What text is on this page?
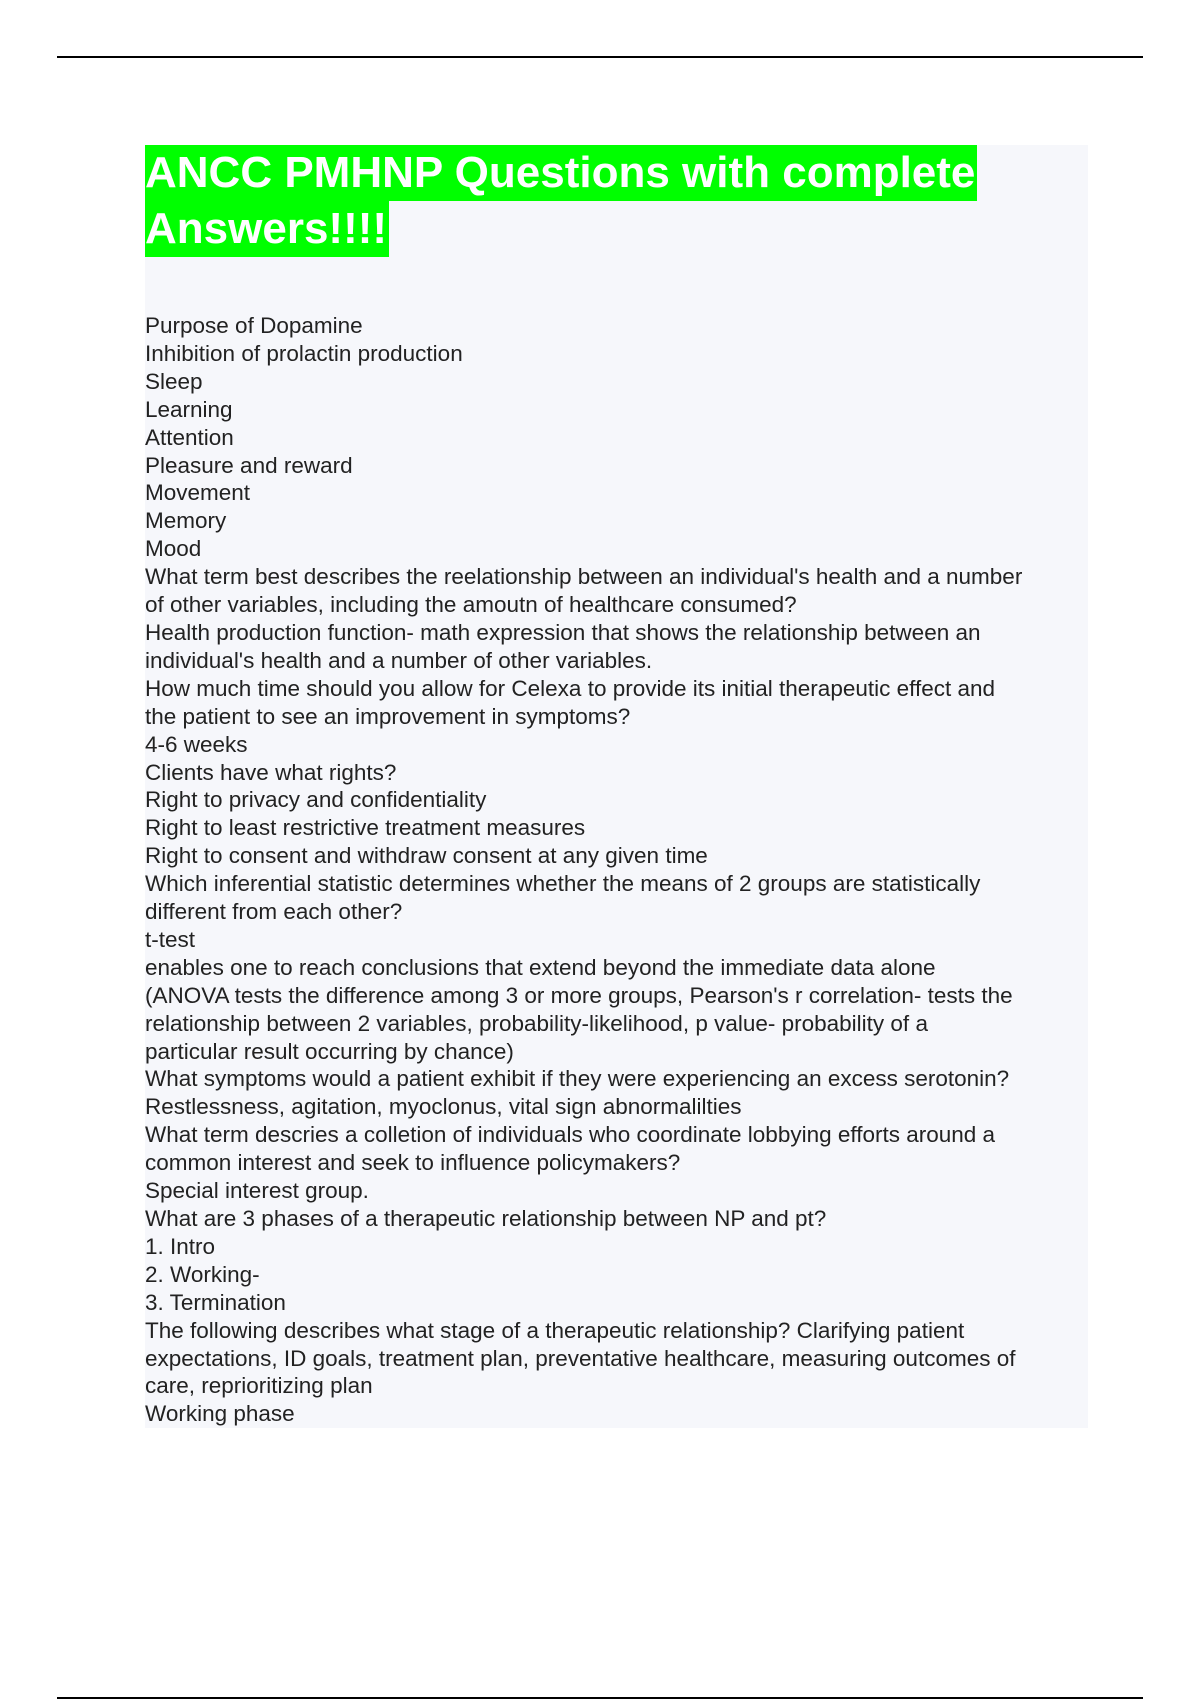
ANCC PMHNP Questions with complete
Answers!!!!
Purpose of Dopamine
Inhibition of prolactin production
Sleep
Learning
Attention
Pleasure and reward
Movement
Memory
Mood
What term best describes the reelationship between an individual's health and a number
of other variables, including the amoutn of healthcare consumed?
Health production function- math expression that shows the relationship between an
individual's health and a number of other variables.
How much time should you allow for Celexa to provide its initial therapeutic effect and
the patient to see an improvement in symptoms?
4-6 weeks
Clients have what rights?
Right to privacy and confidentiality
Right to least restrictive treatment measures
Right to consent and withdraw consent at any given time
Which inferential statistic determines whether the means of 2 groups are statistically
different from each other?
t-test
enables one to reach conclusions that extend beyond the immediate data alone
(ANOVA tests the difference among 3 or more groups, Pearson's r correlation- tests the
relationship between 2 variables, probability-likelihood, p value- probability of a
particular result occurring by chance)
What symptoms would a patient exhibit if they were experiencing an excess serotonin?
Restlessness, agitation, myoclonus, vital sign abnormalilties
What term descries a colletion of individuals who coordinate lobbying efforts around a
common interest and seek to influence policymakers?
Special interest group.
What are 3 phases of a therapeutic relationship between NP and pt?
1. Intro
2. Working-
3. Termination
The following describes what stage of a therapeutic relationship? Clarifying patient
expectations, ID goals, treatment plan, preventative healthcare, measuring outcomes of
care, reprioritizing plan
Working phase
